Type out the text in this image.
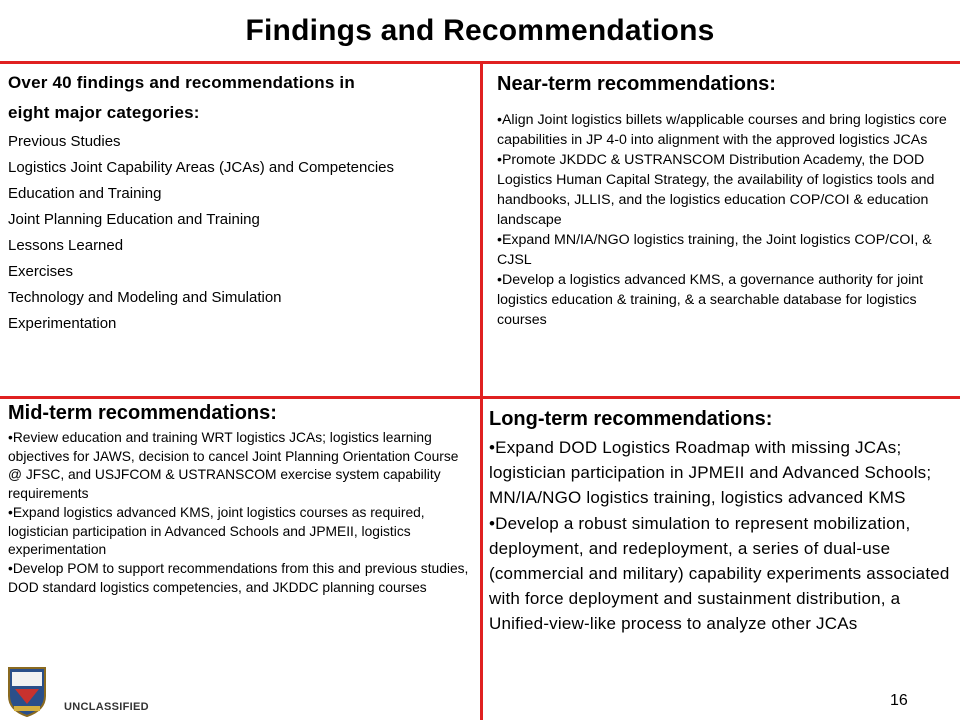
Findings and Recommendations
Over 40 findings and recommendations in
eight major categories:
Previous Studies
Logistics Joint Capability Areas (JCAs) and Competencies
Education and Training
Joint Planning Education and Training
Lessons Learned
Exercises
Technology and Modeling and Simulation
Experimentation
Near-term recommendations:
•Align Joint logistics billets w/applicable courses and bring logistics core capabilities in JP 4-0 into alignment with the approved logistics JCAs
•Promote JKDDC & USTRANSCOM Distribution Academy, the DOD Logistics Human Capital Strategy, the availability of logistics tools and handbooks, JLLIS, and the logistics education COP/COI & education landscape
•Expand MN/IA/NGO logistics training, the Joint logistics COP/COI, & CJSL
•Develop a logistics advanced KMS, a governance authority for joint logistics education & training, & a searchable database for logistics courses
Mid-term recommendations:
•Review education and training WRT logistics JCAs; logistics learning objectives for JAWS, decision to cancel Joint Planning Orientation Course @ JFSC, and USJFCOM & USTRANSCOM exercise system capability requirements
•Expand logistics advanced KMS, joint logistics courses as required, logistician participation in Advanced Schools and JPMEII, logistics experimentation
•Develop POM to support recommendations from this and previous studies, DOD standard logistics competencies, and JKDDC planning courses
Long-term recommendations:
•Expand DOD Logistics Roadmap with missing JCAs; logistician participation in JPMEII and Advanced Schools; MN/IA/NGO logistics training, logistics advanced KMS
•Develop a robust simulation to represent mobilization, deployment, and redeployment, a series of dual-use (commercial and military) capability experiments associated with force deployment and sustainment distribution, a Unified-view-like process to analyze other JCAs
UNCLASSIFIED	16
